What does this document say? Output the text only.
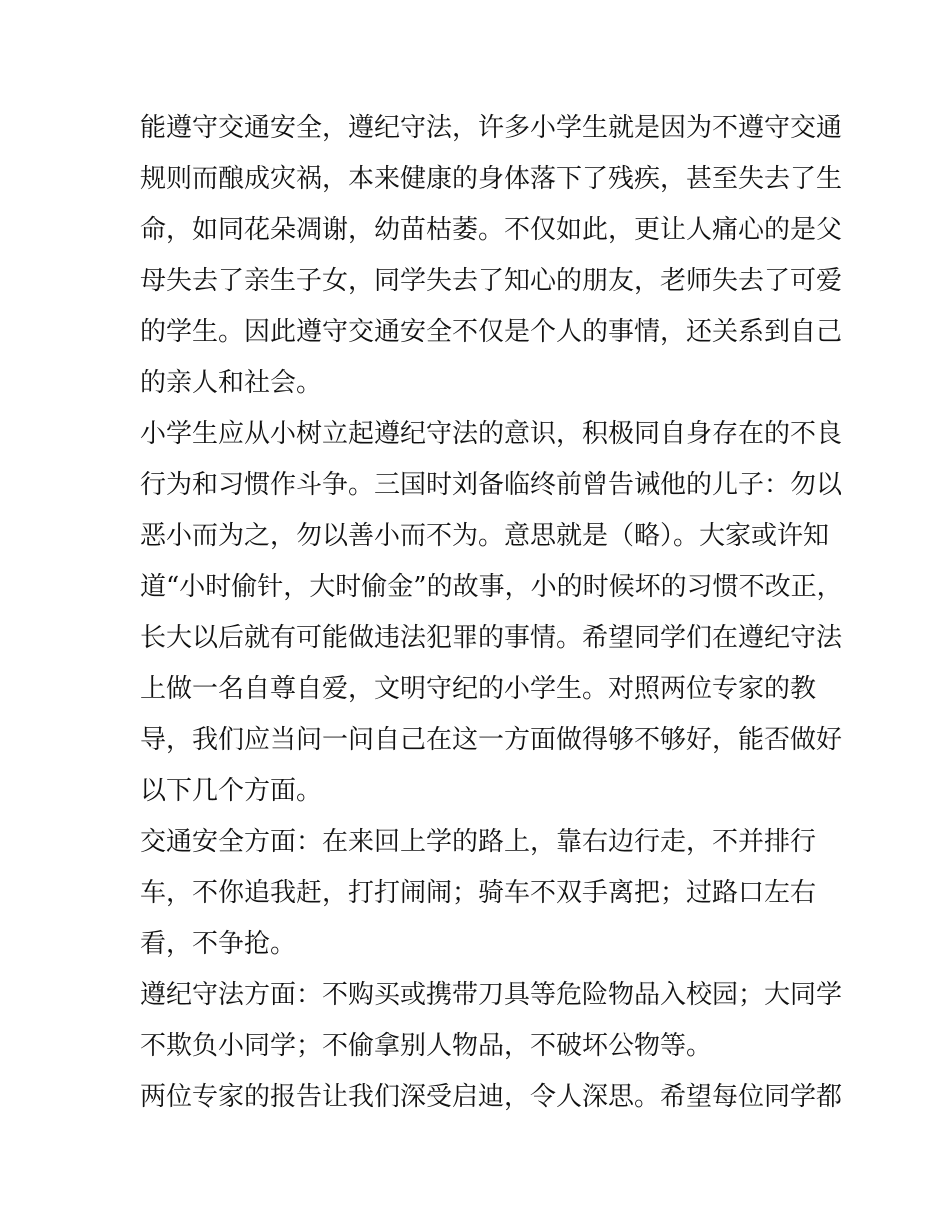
能遵守交通安全，遵纪守法，许多小学生就是因为不遵守交通
规则而酿成灾祸，本来健康的身体落下了残疾，甚至失去了生
命，如同花朵凋谢，幼苗枯萎。不仅如此，更让人痛心的是父
母失去了亲生子女，同学失去了知心的朋友，老师失去了可爱
的学生。因此遵守交通安全不仅是个人的事情，还关系到自己
的亲人和社会。

小学生应从小树立起遵纪守法的意识，积极同自身存在的不良
行为和习惯作斗争。三国时刘备临终前曾告诫他的儿子：勿以
恶小而为之，勿以善小而不为。意思就是（略）。大家或许知
道“小时偷针，大时偷金”的故事，小的时候坏的习惯不改正，
长大以后就有可能做违法犯罪的事情。希望同学们在遵纪守法
上做一名自尊自爱，文明守纪的小学生。对照两位专家的教
导，我们应当问一问自己在这一方面做得够不够好，能否做好
以下几个方面。

交通安全方面：在来回上学的路上，靠右边行走，不并排行
车，不你追我赶，打打闹闹；骑车不双手离把；过路口左右
看，不争抢。

遵纪守法方面：不购买或携带刀具等危险物品入校园；大同学
不欺负小同学；不偷拿别人物品，不破坏公物等。

两位专家的报告让我们深受启迪，令人深思。希望每位同学都
